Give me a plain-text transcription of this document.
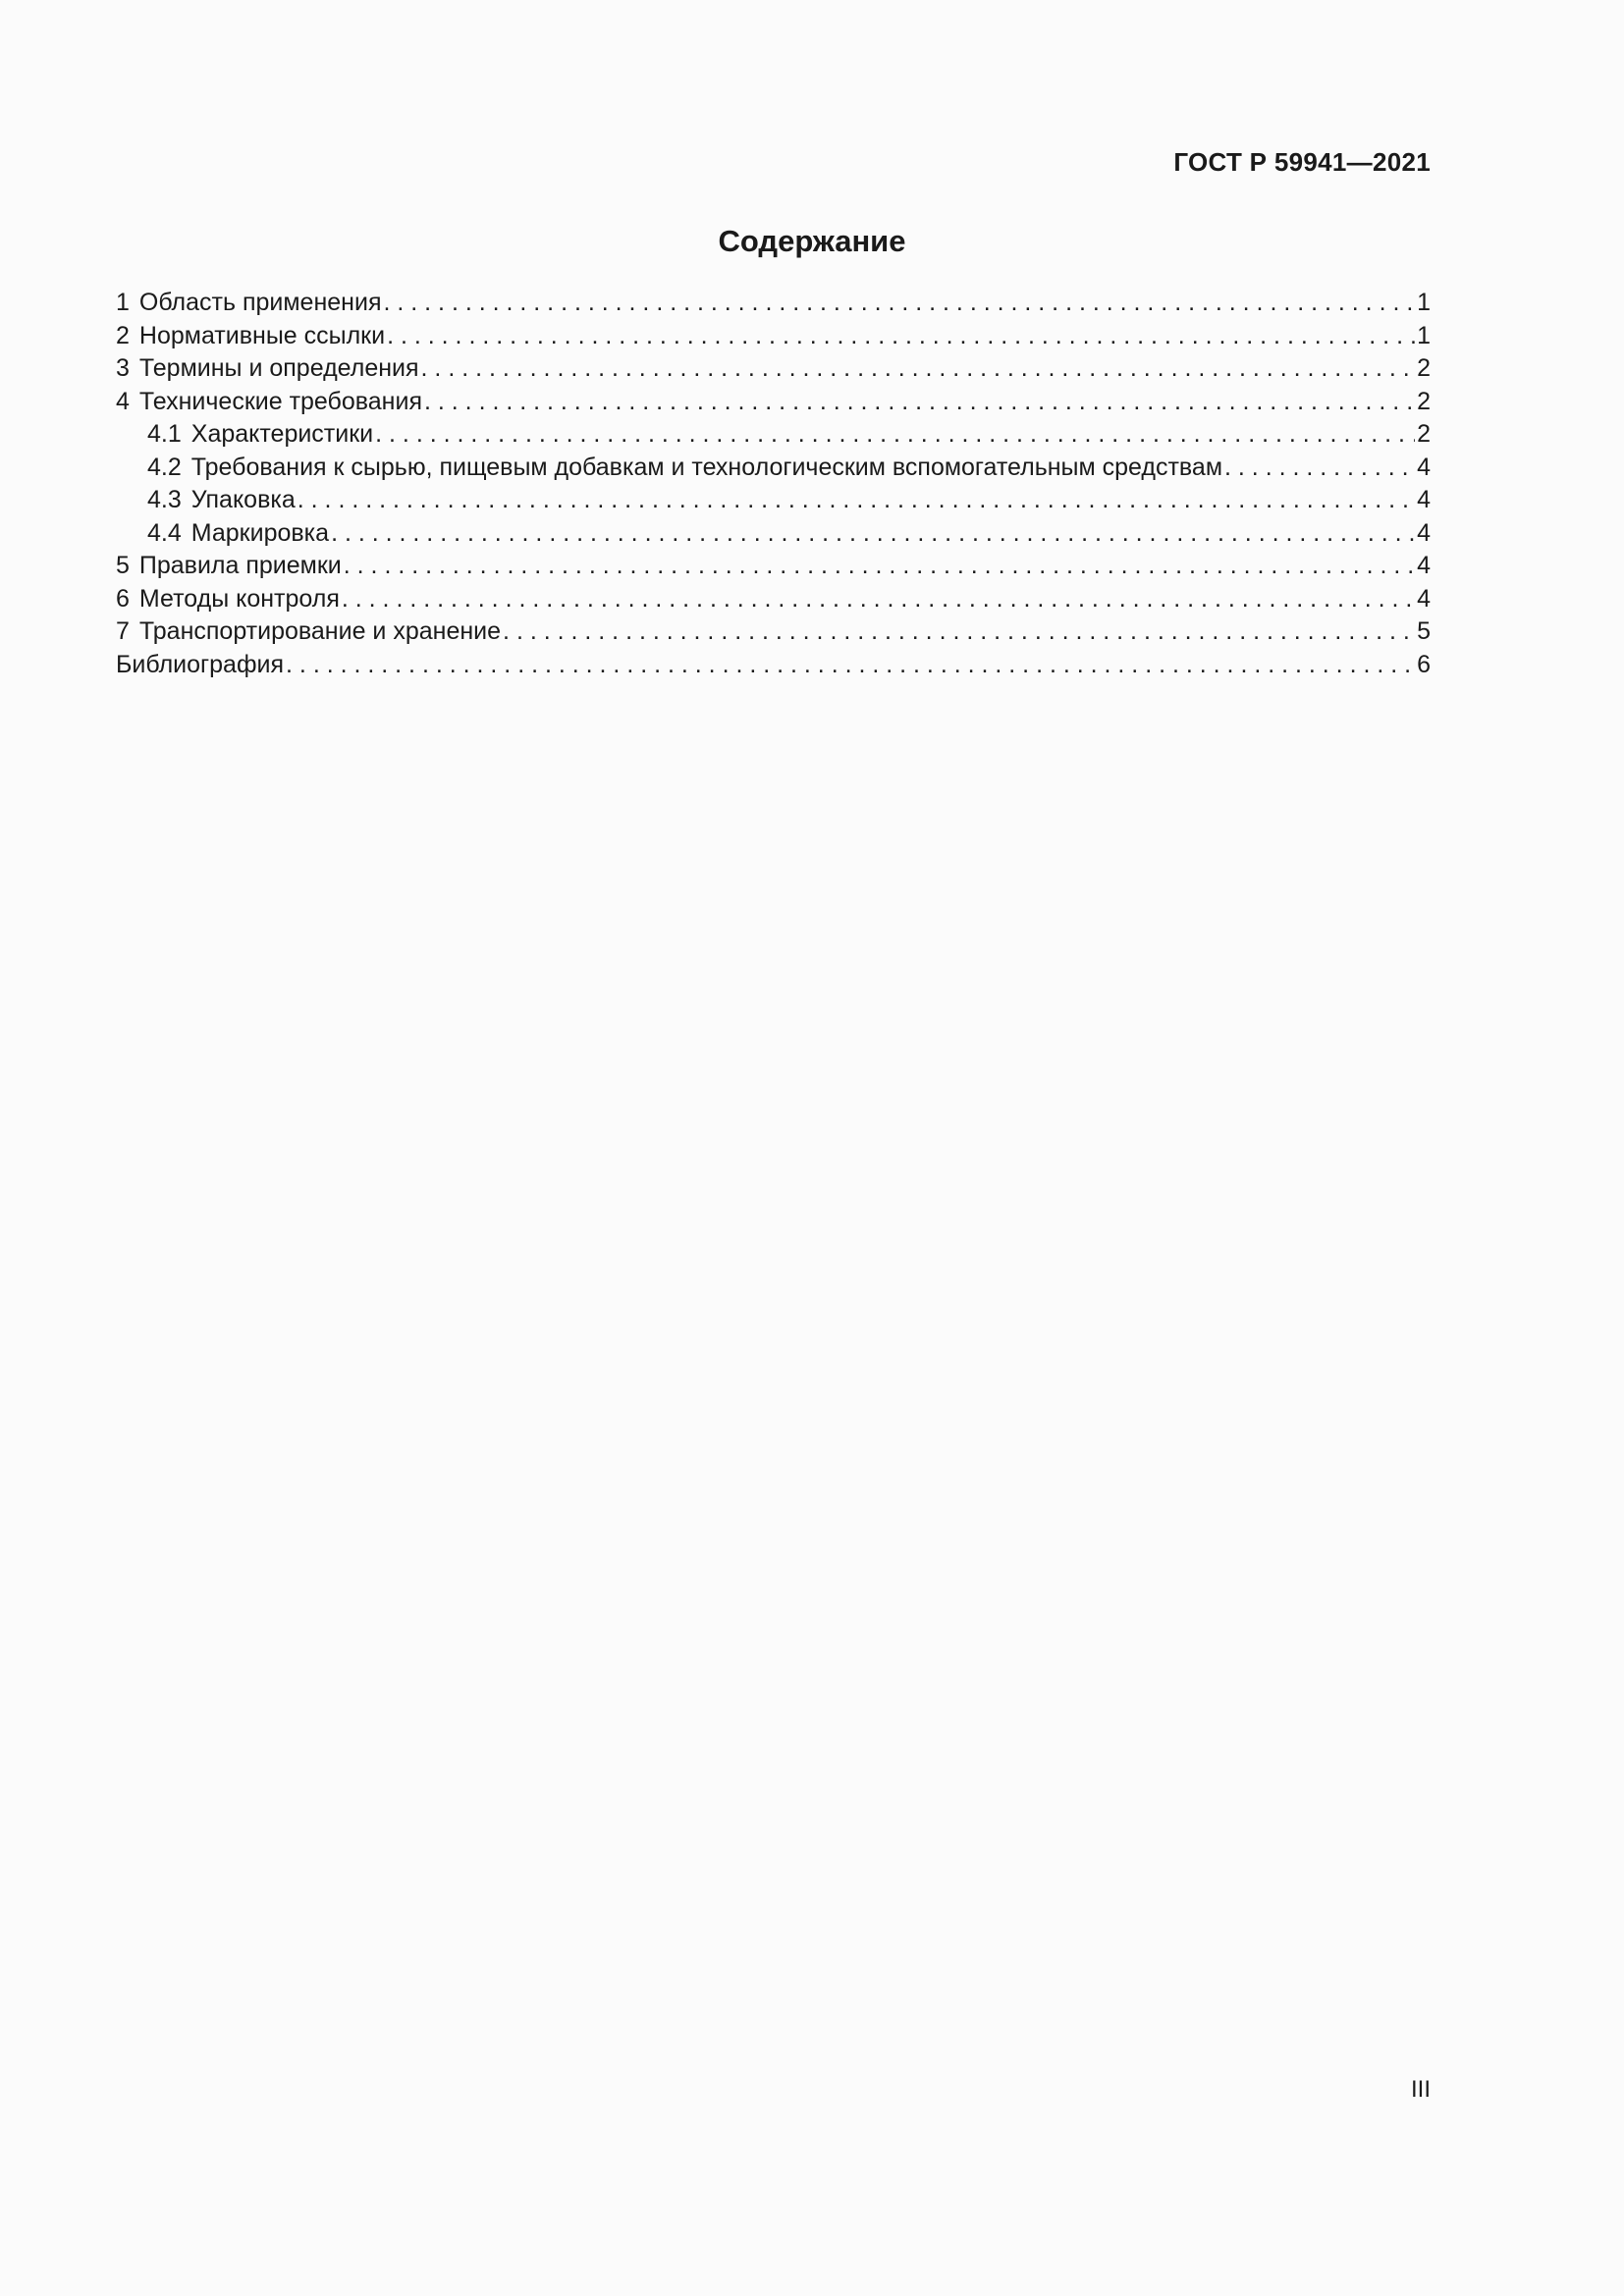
ГОСТ Р 59941—2021

Содержание
1 Область применения . . .	1
2 Нормативные ссылки . . .	1
3 Термины и определения . . .	2
4 Технические требования . . .	2
4.1 Характеристики . . .	2
4.2 Требования к сырью, пищевым добавкам и технологическим вспомогательным средствам . . .	4
4.3 Упаковка . . .	4
4.4 Маркировка . . .	4
5 Правила приемки . . .	4
6 Методы контроля . . .	4
7 Транспортирование и хранение . . .	5
Библиография . . .	6

III
